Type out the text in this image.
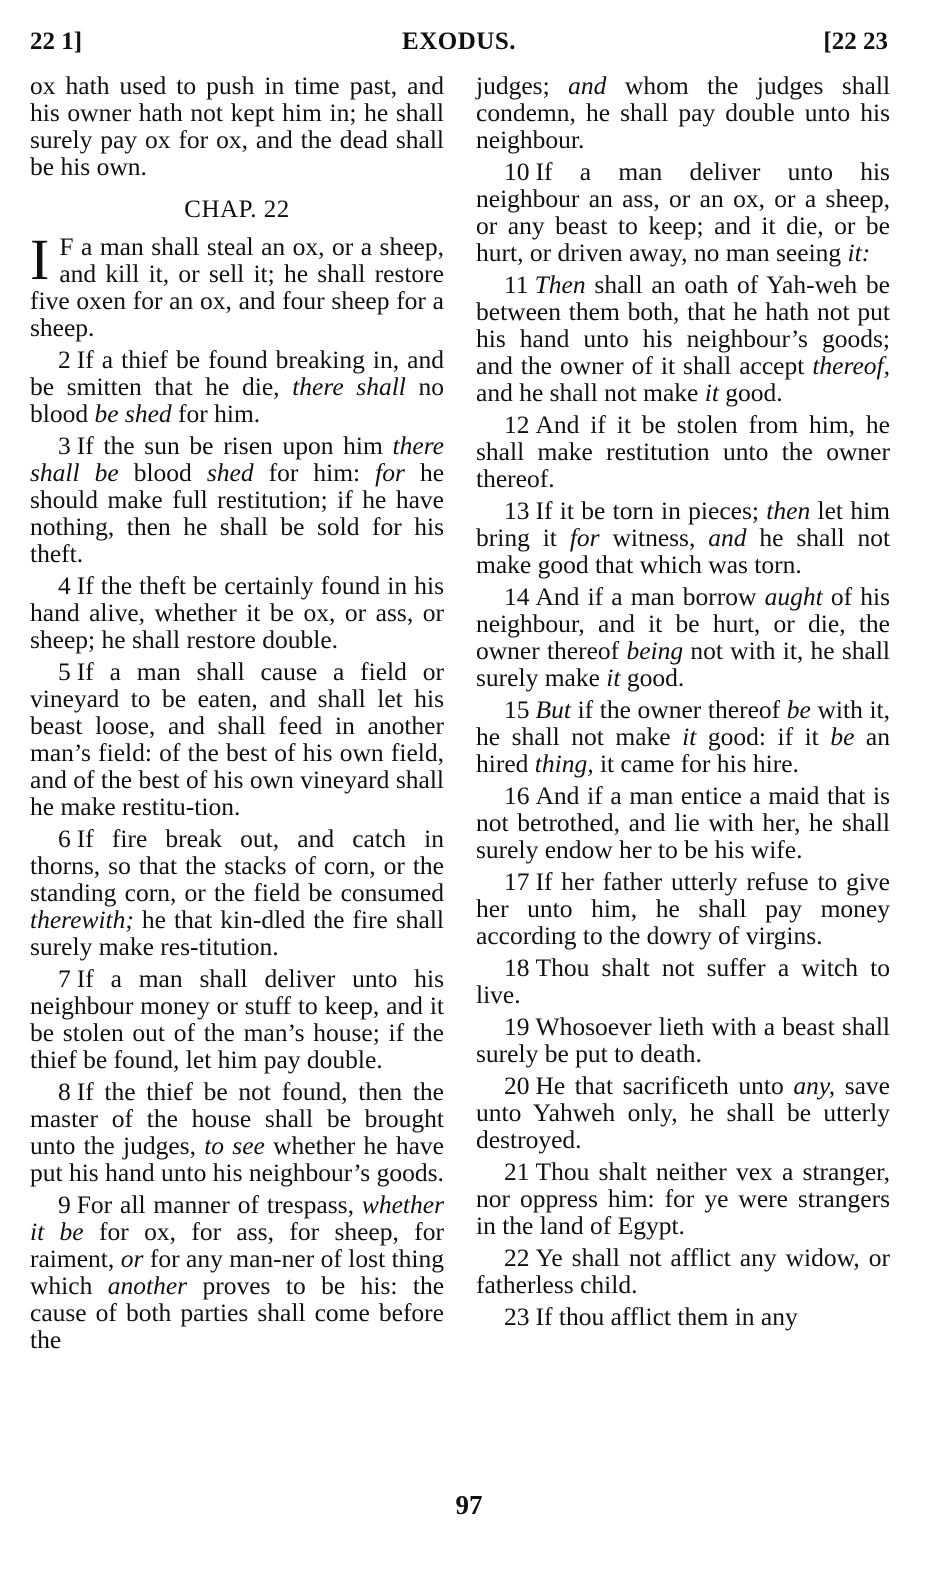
22 1]	EXODUS.	[22 23

ox hath used to push in time past, and his owner hath not kept him in; he shall surely pay ox for ox, and the dead shall be his own.

CHAP. 22

I F a man shall steal an ox, or a sheep, and kill it, or sell it; he shall restore five oxen for an ox, and four sheep for a sheep.

2 If a thief be found breaking in, and be smitten that he die, there shall no blood be shed for him.

3 If the sun be risen upon him there shall be blood shed for him: for he should make full restitution; if he have nothing, then he shall be sold for his theft.

4 If the theft be certainly found in his hand alive, whether it be ox, or ass, or sheep; he shall restore double.

5 If a man shall cause a field or vineyard to be eaten, and shall let his beast loose, and shall feed in another man’s field: of the best of his own field, and of the best of his own vineyard shall he make restitu-tion.

6 If fire break out, and catch in thorns, so that the stacks of corn, or the standing corn, or the field be consumed therewith; he that kin-dled the fire shall surely make res-titution.

7 If a man shall deliver unto his neighbour money or stuff to keep, and it be stolen out of the man’s house; if the thief be found, let him pay double.

8 If the thief be not found, then the master of the house shall be brought unto the judges, to see whether he have put his hand unto his neighbour’s goods.

9 For all manner of trespass, whether it be for ox, for ass, for sheep, for raiment, or for any man-ner of lost thing which another proves to be his: the cause of both parties shall come before the

judges; and whom the judges shall condemn, he shall pay double unto his neighbour.

10 If a man deliver unto his neighbour an ass, or an ox, or a sheep, or any beast to keep; and it die, or be hurt, or driven away, no man seeing it:

11 Then shall an oath of Yah-weh be between them both, that he hath not put his hand unto his neighbour’s goods; and the owner of it shall accept thereof, and he shall not make it good.

12 And if it be stolen from him, he shall make restitution unto the owner thereof.

13 If it be torn in pieces; then let him bring it for witness, and he shall not make good that which was torn.

14 And if a man borrow aught of his neighbour, and it be hurt, or die, the owner thereof being not with it, he shall surely make it good.

15 But if the owner thereof be with it, he shall not make it good: if it be an hired thing, it came for his hire.

16 And if a man entice a maid that is not betrothed, and lie with her, he shall surely endow her to be his wife.

17 If her father utterly refuse to give her unto him, he shall pay money according to the dowry of virgins.

18 Thou shalt not suffer a witch to live.

19 Whosoever lieth with a beast shall surely be put to death.

20 He that sacrificeth unto any, save unto Yahweh only, he shall be utterly destroyed.

21 Thou shalt neither vex a stranger, nor oppress him: for ye were strangers in the land of Egypt.

22 Ye shall not afflict any widow, or fatherless child.

23 If thou afflict them in any

97
